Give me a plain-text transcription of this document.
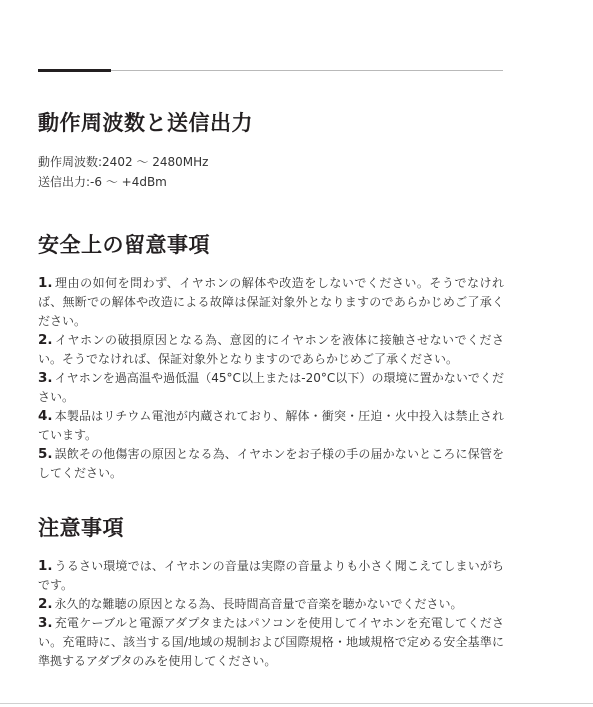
動作周波数と送信出力
動作周波数:2402 〜 2480MHz
送信出力:-6 〜 +4dBm
安全上の留意事項
1. 理由の如何を問わず、イヤホンの解体や改造をしないでください。そうでなければ、無断での解体や改造による故障は保証対象外となりますのであらかじめご了承ください。
2. イヤホンの破損原因となる為、意図的にイヤホンを液体に接触させないでください。そうでなければ、保証対象外となりますのであらかじめご了承ください。
3. イヤホンを過高温や過低温（45°C以上または-20°C以下）の環境に置かないでください。
4. 本製品はリチウム電池が内蔵されており、解体・衝突・圧迫・火中投入は禁止されています。
5. 誤飲その他傷害の原因となる為、イヤホンをお子様の手の届かないところに保管をしてください。
注意事項
1. うるさい環境では、イヤホンの音量は実際の音量よりも小さく聞こえてしまいがちです。
2. 永久的な難聴の原因となる為、長時間高音量で音楽を聴かないでください。
3. 充電ケーブルと電源アダプタまたはパソコンを使用してイヤホンを充電してください。充電時に、該当する国/地域の規制および国際規格・地域規格で定める安全基準に準拠するアダプタのみを使用してください。
